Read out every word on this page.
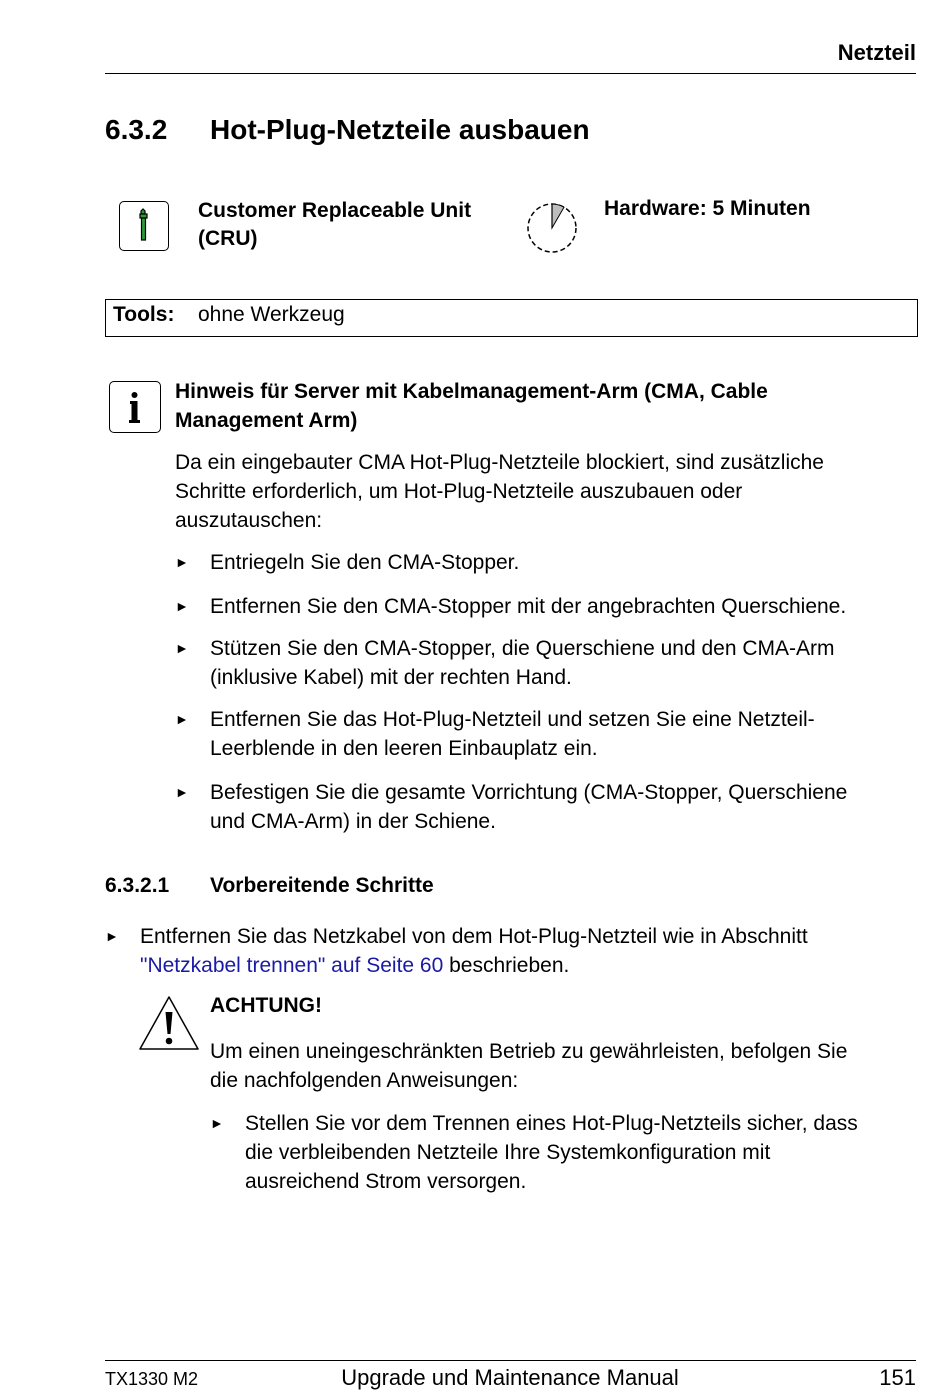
Netzteil
6.3.2 Hot-Plug-Netzteile ausbauen
Customer Replaceable Unit
(CRU)
Hardware: 5 Minuten
Tools: ohne Werkzeug
Hinweis für Server mit Kabelmanagement-Arm (CMA, Cable
Management Arm)
Da ein eingebauter CMA Hot-Plug-Netzteile blockiert, sind zusätzliche
Schritte erforderlich, um Hot-Plug-Netzteile auszubauen oder
auszutauschen:
► Entriegeln Sie den CMA-Stopper.
► Entfernen Sie den CMA-Stopper mit der angebrachten Querschiene.
► Stützen Sie den CMA-Stopper, die Querschiene und den CMA-Arm
(inklusive Kabel) mit der rechten Hand.
► Entfernen Sie das Hot-Plug-Netzteil und setzen Sie eine Netzteil-
Leerblende in den leeren Einbauplatz ein.
► Befestigen Sie die gesamte Vorrichtung (CMA-Stopper, Querschiene
und CMA-Arm) in der Schiene.
6.3.2.1 Vorbereitende Schritte
► Entfernen Sie das Netzkabel von dem Hot-Plug-Netzteil wie in Abschnitt
"Netzkabel trennen" auf Seite 60 beschrieben.
ACHTUNG!
Um einen uneingeschränkten Betrieb zu gewährleisten, befolgen Sie
die nachfolgenden Anweisungen:
► Stellen Sie vor dem Trennen eines Hot-Plug-Netzteils sicher, dass
die verbleibenden Netzteile Ihre Systemkonfiguration mit
ausreichend Strom versorgen.
TX1330 M2	Upgrade und Maintenance Manual	151
